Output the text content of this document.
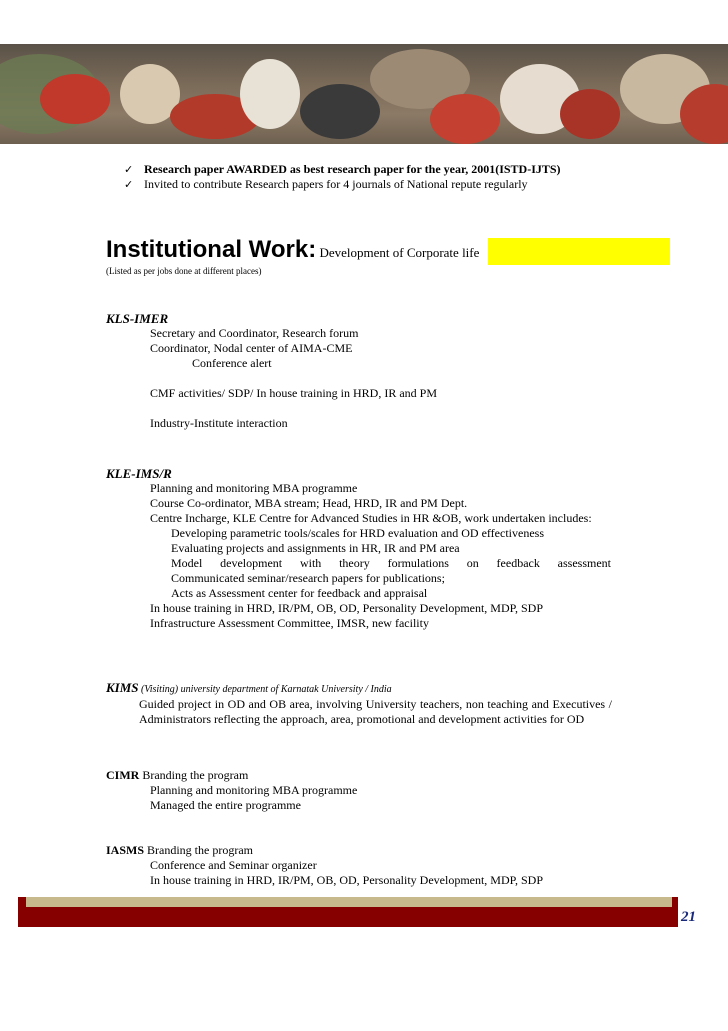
✓ Research paper AWARDED as best research paper for the year, 2001(ISTD-IJTS)
✓ Invited to contribute Research papers for 4 journals of National repute regularly
Institutional Work: Development of Corporate life
(Listed as per jobs done at different places)
KLS-IMER
Secretary and Coordinator, Research forum
Coordinator, Nodal center of AIMA-CME
Conference alert
CMF activities/ SDP/ In house training in HRD, IR and PM
Industry-Institute interaction
KLE-IMS/R
Planning and monitoring MBA programme
Course Co-ordinator, MBA stream; Head, HRD, IR and PM Dept.
Centre Incharge, KLE Centre for Advanced Studies in HR &OB, work undertaken includes:
Developing parametric tools/scales for HRD evaluation and OD effectiveness
Evaluating projects and assignments in HR, IR and PM area
Model development with theory formulations on feedback assessment
Communicated seminar/research papers for publications;
Acts as Assessment center for feedback and appraisal
In house training in HRD, IR/PM, OB, OD, Personality Development, MDP, SDP
Infrastructure Assessment Committee, IMSR, new facility
KIMS (Visiting) university department of Karnatak University / India
Guided project in OD and OB area, involving University teachers, non teaching and Executives / Administrators reflecting the approach, area, promotional and development activities for OD
CIMR Branding the program
Planning and monitoring MBA programme
Managed the entire programme
IASMS Branding the program
Conference and Seminar organizer
In house training in HRD, IR/PM, OB, OD, Personality Development, MDP, SDP
21
